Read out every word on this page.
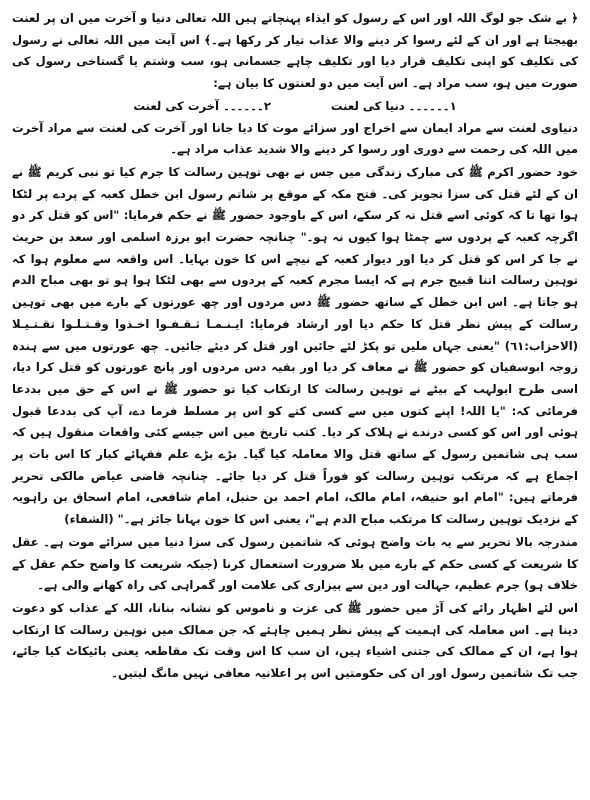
﴿ بے شک جو لوگ اللہ اور اس کے رسول کو ایذاء پہنچاتے ہیں اللہ تعالی دنیا و آخرت میں ان پر لعنت بھیجتا ہے اور ان کے لئے رسوا کر دینے والا عذاب تیار کر رکھا ہے۔﴾ اس آیت میں اللہ تعالی نے رسول کی تکلیف کو اپنی تکلیف قرار دیا اور تکلیف چاہے جسمانی ہو، سب وشتم یا گستاخی رسول کی صورت میں ہو، سب مراد ہے۔ اس آیت میں دو لعنتوں کا بیان ہے:

١۔۔۔۔۔۔ دنیا کی لعنت
٢۔۔۔۔۔۔ آخرت کی لعنت

دنیاوی لعنت سے مراد ایمان سے اخراج اور سزائے موت کا دیا جانا اور آخرت کی لعنت سے مراد آخرت میں اللہ کی رحمت سے دوری اور رسوا کر دینے والا شدید عذاب مراد ہے۔

خود حضور اکرم ﷺ کی مبارک زندگی میں جس نے بھی توہین رسالت کا جرم کیا تو نبی کریم ﷺ نے ان کے لئے قتل کی سزا تجویز کی۔ فتح مکہ کے موقع پر شاتم رسول ابن خطل کعبہ کے پردے پر لٹکا ہوا تھا تا کہ کوئی اسے قتل نہ کر سکے، اس کے باوجود حضور ﷺ نے حکم فرمایا: "اس کو قتل کر دو اگرچہ کعبہ کے پردوں سے چمٹا ہوا کیوں نہ ہو۔" چنانچہ حضرت ابو برزہ اسلمی اور سعد بن حریث نے جا کر اس کو قتل کر دیا اور دیوار کعبہ کے نیچے اس کا خون بہایا۔ اس واقعہ سے معلوم ہوا کہ توہین رسالت اتنا قبیح جرم ہے کہ ایسا مجرم کعبہ کے پردوں سے بھی لٹکا ہوا ہو تو بھی مباح الدم ہو جاتا ہے۔ اس ابن خطل کے ساتھ حضور ﷺ دس مردوں اور چھ عورتوں کے بارے میں بھی توہین رسالت کے پیش نظر قتل کا حکم دیا اور ارشاد فرمایا: ایـنـمـا ثـقـفـوا اخـذوا وقـتـلـوا تقـتـيـلا (الاحزاب:٦١) "یعنی جہاں ملیں تو پکڑ لئے جائیں اور قتل کر دیئے جائیں۔ چھ عورتوں میں سے ہندہ زوجہ ابوسفیان کو حضور ﷺ نے معاف کر دیا اور بقیہ دس مردوں اور پانچ عورتوں کو قتل کرا دیا، اسی طرح ابولہب کے بیٹے نے توہین رسالت کا ارتکاب کیا تو حضور ﷺ نے اس کے حق میں بددعا فرمائی کہ: "یا اللہ! اپنے کتوں میں سے کسی کتے کو اس پر مسلط فرما دے، آپ کی بددعا قبول ہوئی اور اس کو کسی درندے نے ہلاک کر دیا۔ کتب تاریخ میں اس جیسے کئی واقعات منقول ہیں کہ سب ہی شاتمین رسول کے ساتھ قتل والا معاملہ کیا گیا۔ بڑے بڑے علم فقہائے کبار کا اس بات پر اجماع ہے کہ مرتکب توہین رسالت کو فوراً قتل کر دیا جائے۔ چنانچہ قاضی عیاض مالکی تحریر فرماتے ہیں: "امام ابو حنیفہ، امام مالک، امام احمد بن حنبل، امام شافعی، امام اسحاق بن راہویہ کے نزدیک توہین رسالت کا مرتکب مباح الدم ہے"، یعنی اس کا خون بہانا جائز ہے۔" (الشفاء)

مندرجہ بالا تحریر سے یہ بات واضح ہوئی کہ شاتمین رسول کی سزا دنیا میں سزائے موت ہے۔ عقل کا شریعت کے کسی حکم کے بارے میں بلا ضرورت استعمال کرنا (جبکہ شریعت کا واضح حکم عقل کے خلاف ہو) جرم عظیم، جہالت اور دین سے بیزاری کی علامت اور گمراہی کی راہ کھانے والی ہے۔

اس لئے اظہار رائے کی آڑ میں حضور ﷺ کی عزت و ناموس کو نشانہ بنانا، اللہ کے عذاب کو دعوت دینا ہے۔ اس معاملہ کی اہمیت کے پیش نظر ہمیں چاہئے کہ جن ممالک میں توہین رسالت کا ارتکاب ہوا ہے، ان کے ممالک کی جتنی اشیاء ہیں، ان سب کا اس وقت تک مقاطعہ یعنی بائیکاٹ کیا جائے، جب تک شاتمین رسول اور ان کی حکومتیں اس پر اعلانیہ معافی نہیں مانگ لیتیں۔
